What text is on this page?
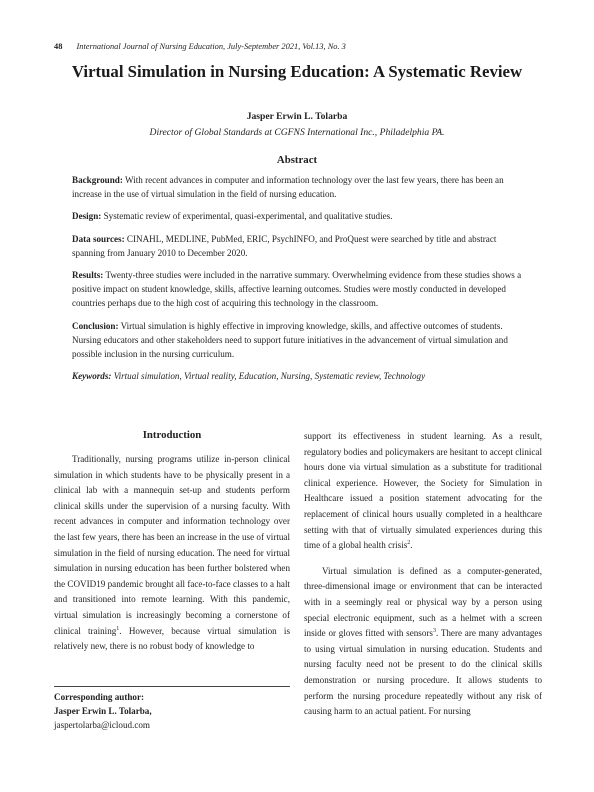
48 International Journal of Nursing Education, July-September 2021, Vol.13, No. 3
Virtual Simulation in Nursing Education: A Systematic Review
Jasper Erwin L. Tolarba
Director of Global Standards at CGFNS International Inc., Philadelphia PA.
Abstract

Background: With recent advances in computer and information technology over the last few years, there has been an increase in the use of virtual simulation in the field of nursing education.

Design: Systematic review of experimental, quasi-experimental, and qualitative studies.

Data sources: CINAHL, MEDLINE, PubMed, ERIC, PsychINFO, and ProQuest were searched by title and abstract spanning from January 2010 to December 2020.

Results: Twenty-three studies were included in the narrative summary. Overwhelming evidence from these studies shows a positive impact on student knowledge, skills, affective learning outcomes. Studies were mostly conducted in developed countries perhaps due to the high cost of acquiring this technology in the classroom.

Conclusion: Virtual simulation is highly effective in improving knowledge, skills, and affective outcomes of students. Nursing educators and other stakeholders need to support future initiatives in the advancement of virtual simulation and possible inclusion in the nursing curriculum.

Keywords: Virtual simulation, Virtual reality, Education, Nursing, Systematic review, Technology

Introduction

Traditionally, nursing programs utilize in-person clinical simulation in which students have to be physically present in a clinical lab with a mannequin set-up and students perform clinical skills under the supervision of a nursing faculty. With recent advances in computer and information technology over the last few years, there has been an increase in the use of virtual simulation in the field of nursing education. The need for virtual simulation in nursing education has been further bolstered when the COVID19 pandemic brought all face-to-face classes to a halt and transitioned into remote learning. With this pandemic, virtual simulation is increasingly becoming a cornerstone of clinical training$^1$. However, because virtual simulation is relatively new, there is no robust body of knowledge to

support its effectiveness in student learning. As a result, regulatory bodies and policymakers are hesitant to accept clinical hours done via virtual simulation as a substitute for traditional clinical experience. However, the Society for Simulation in Healthcare issued a position statement advocating for the replacement of clinical hours usually completed in a healthcare setting with that of virtually simulated experiences during this time of a global health crisis$^2$.

Virtual simulation is defined as a computer-generated, three-dimensional image or environment that can be interacted with in a seemingly real or physical way by a person using special electronic equipment, such as a helmet with a screen inside or gloves fitted with sensors$^3$. There are many advantages to using virtual simulation in nursing education. Students and nursing faculty need not be present to do the clinical skills demonstration or nursing procedure. It allows students to perform the nursing procedure repeatedly without any risk of causing harm to an actual patient. For nursing

Corresponding author:
Jasper Erwin L. Tolarba,
jaspertolarba@icloud.com
